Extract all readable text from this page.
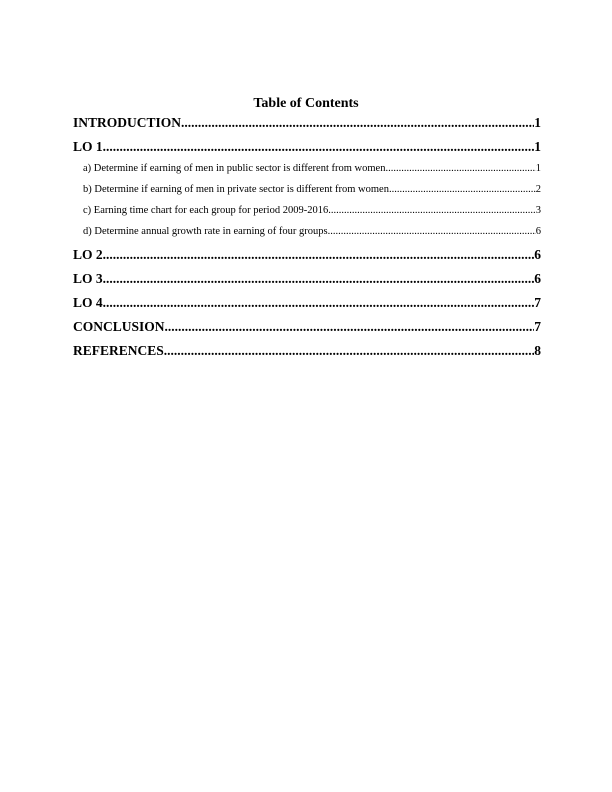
Table of Contents
INTRODUCTION .....	1
LO 1 .....	1
a) Determine if earning of men in public sector is different from women .....	1
b) Determine if earning of men in private sector is different from women .....	2
c) Earning time chart for each group for period 2009-2016 .....	3
d) Determine annual growth rate in earning of four groups .....	6
LO 2 .....	6
LO 3 .....	6
LO 4 .....	7
CONCLUSION .....	7
REFERENCES .....	8
